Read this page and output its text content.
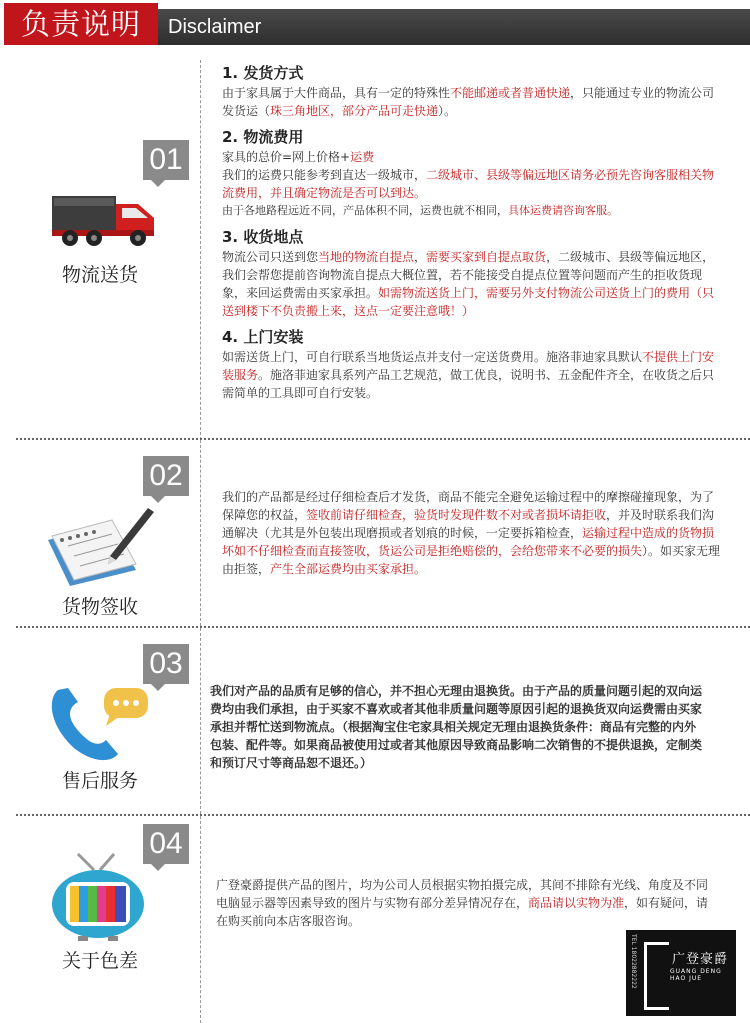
负责说明	Disclaimer
01
物流送货
1. 发货方式
由于家具属于大件商品，具有一定的特殊性不能邮递或者普通快递，只能通过专业的物流公司发货运（珠三角地区，部分产品可走快递）。
2. 物流费用
家具的总价=网上价格+运费
我们的运费只能参考到直达一级城市，二级城市、县级等偏远地区请务必预先咨询客服相关物流费用，并且确定物流是否可以到达。
由于各地路程远近不同，产品体积不同，运费也就不相同，具体运费请咨询客服。
3. 收货地点
物流公司只送到您当地的物流自提点，需要买家到自提点取货，二级城市、县级等偏远地区，我们会帮您提前咨询物流自提点大概位置，若不能接受自提点位置等问题而产生的拒收货现象，来回运费需由买家承担。如需物流送货上门，需要另外支付物流公司送货上门的费用（只送到楼下不负责搬上来，这点一定要注意哦！）
4. 上门安装
如需送货上门，可自行联系当地货运点并支付一定送货费用。施洛菲迪家具默认不提供上门安装服务。施洛菲迪家具系列产品工艺规范，做工优良，说明书、五金配件齐全，在收货之后只需简单的工具即可自行安装。
02
货物签收
我们的产品都是经过仔细检查后才发货，商品不能完全避免运输过程中的摩擦碰撞现象，为了保障您的权益，签收前请仔细检查，验货时发现件数不对或者损坏请拒收，并及时联系我们沟通解决（尤其是外包装出现磨损或者划痕的时候，一定要拆箱检查，运输过程中造成的货物损坏如不仔细检查而直接签收，货运公司是拒绝赔偿的，会给您带来不必要的损失）。如买家无理由拒签，产生全部运费均由买家承担。
03
售后服务
我们对产品的品质有足够的信心，并不担心无理由退换货。由于产品的质量问题引起的双向运费均由我们承担，由于买家不喜欢或者其他非质量问题等原因引起的退换货双向运费需由买家承担并帮忙送到物流点。（根据淘宝住宅家具相关规定无理由退换货条件：商品有完整的内外包装、配件等。如果商品被使用过或者其他原因导致商品影响二次销售的不提供退换，定制类和预订尺寸等商品恕不退还。）
04
关于色差
广登豪爵提供产品的图片，均为公司人员根据实物拍摄完成，其间不排除有光线、角度及不同电脑显示器等因素导致的图片与实物有部分差异情况存在，商品请以实物为准，如有疑问，请在购买前向本店客服咨询。
TEL 18022882222	广登豪爵
GUANG DENG HAO JUE
